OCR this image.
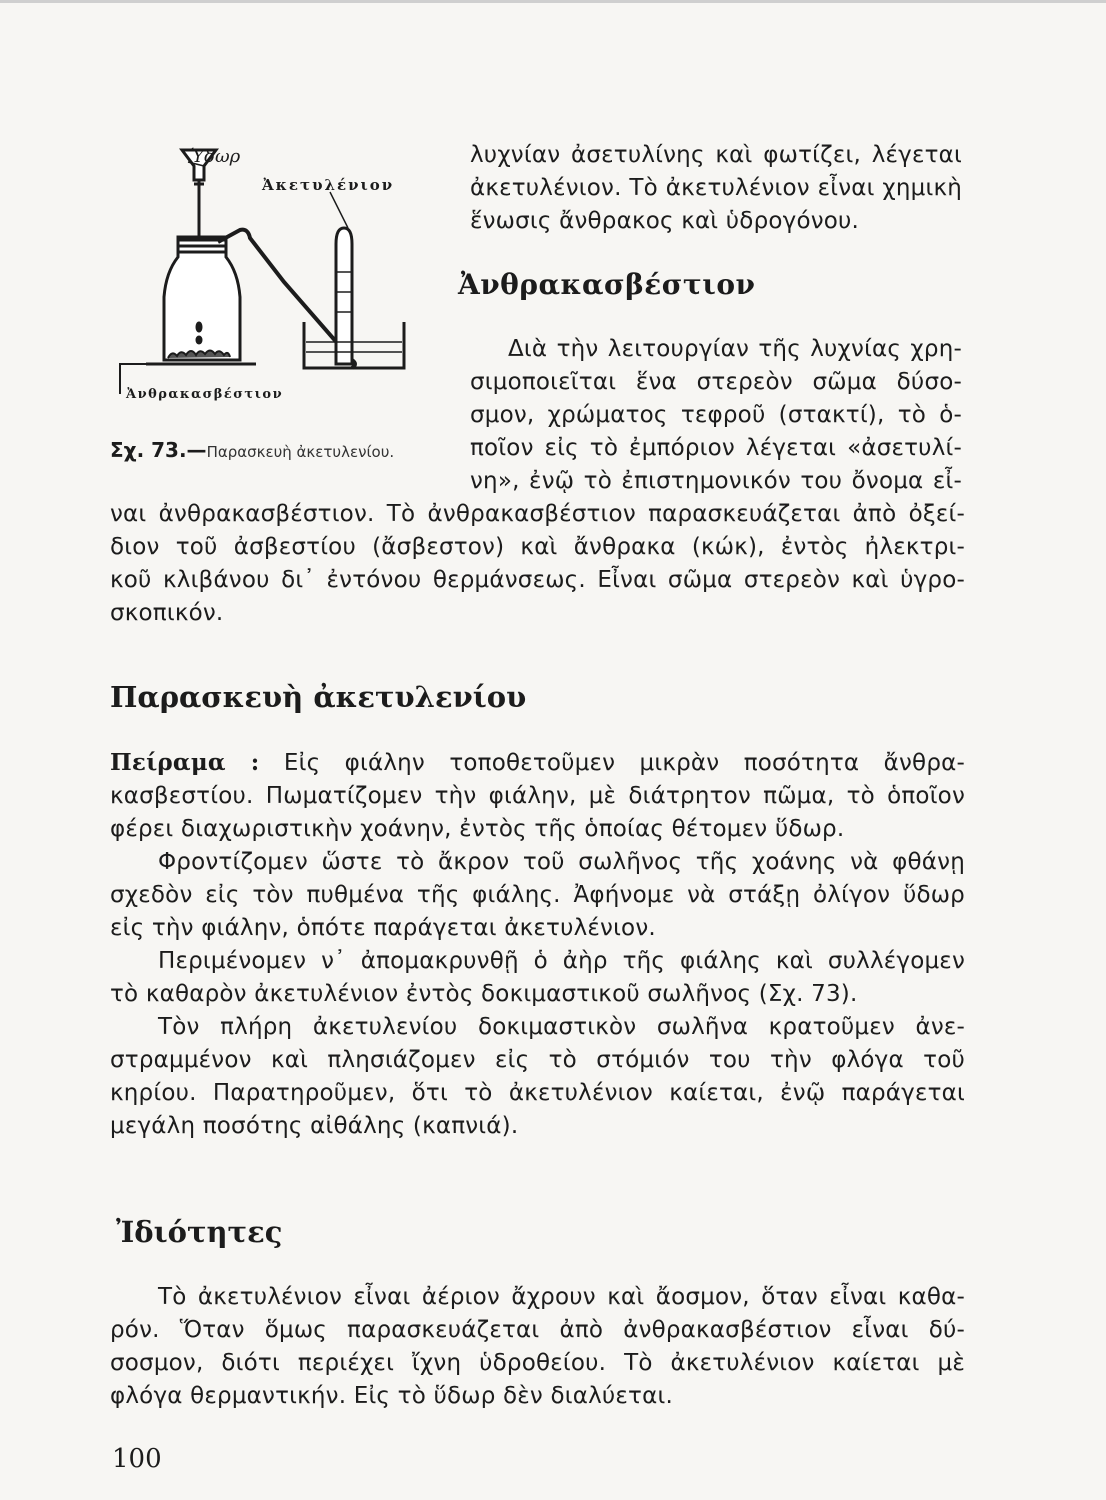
Ύδωρ
Ἀκετυλένιον
Ἀνθρακασβέστιον
Σχ. 73.—Παρασκευὴ ἀκετυλενίου.
λυχνίαν ἀσετυλίνης καὶ φωτίζει, λέγεται
ἀκετυλένιον. Τὸ ἀκετυλένιον εἶναι χημικὴ
ἕνωσις ἄνθρακος καὶ ὑδρογόνου.
Ἀνθρακασβέστιον
Διὰ τὴν λειτουργίαν τῆς λυχνίας χρη-
σιμοποιεῖται ἕνα στερεὸν σῶμα δύσο-
σμον, χρώματος τεφροῦ (στακτί), τὸ ὁ-
ποῖον εἰς τὸ ἐμπόριον λέγεται «ἀσετυλί-
νη», ἐνῷ τὸ ἐπιστημονικόν του ὄνομα εἶ-
ναι ἀνθρακασβέστιον. Τὸ ἀνθρακασβέστιον παρασκευάζεται ἀπὸ ὀξεί-
διον τοῦ ἀσβεστίου (ἄσβεστον) καὶ ἄνθρακα (κώκ), ἐντὸς ἠλεκτρι-
κοῦ κλιβάνου δι᾽ ἐντόνου θερμάνσεως. Εἶναι σῶμα στερεὸν καὶ ὑγρο-
σκοπικόν.
Παρασκευὴ ἀκετυλενίου
Πείραμα : Εἰς φιάλην τοποθετοῦμεν μικρὰν ποσότητα ἄνθρα-
κασβεστίου. Πωματίζομεν τὴν φιάλην, μὲ διάτρητον πῶμα, τὸ ὁποῖον
φέρει διαχωριστικὴν χοάνην, ἐντὸς τῆς ὁποίας θέτομεν ὕδωρ.
Φροντίζομεν ὥστε τὸ ἄκρον τοῦ σωλῆνος τῆς χοάνης νὰ φθάνῃ
σχεδὸν εἰς τὸν πυθμένα τῆς φιάλης. Ἀφήνομε νὰ στάξῃ ὀλίγον ὕδωρ
εἰς τὴν φιάλην, ὁπότε παράγεται ἀκετυλένιον.
Περιμένομεν ν᾽ ἀπομακρυνθῇ ὁ ἀὴρ τῆς φιάλης καὶ συλλέγομεν
τὸ καθαρὸν ἀκετυλένιον ἐντὸς δοκιμαστικοῦ σωλῆνος (Σχ. 73).
Τὸν πλήρη ἀκετυλενίου δοκιμαστικὸν σωλῆνα κρατοῦμεν ἀνε-
στραμμένον καὶ πλησιάζομεν εἰς τὸ στόμιόν του τὴν φλόγα τοῦ
κηρίου. Παρατηροῦμεν, ὅτι τὸ ἀκετυλένιον καίεται, ἐνῷ παράγεται
μεγάλη ποσότης αἰθάλης (καπνιά).
Ἰδιότητες
Τὸ ἀκετυλένιον εἶναι ἀέριον ἄχρουν καὶ ἄοσμον, ὅταν εἶναι καθα-
ρόν. Ὅταν ὅμως παρασκευάζεται ἀπὸ ἀνθρακασβέστιον εἶναι δύ-
σοσμον, διότι περιέχει ἴχνη ὑδροθείου. Τὸ ἀκετυλένιον καίεται μὲ
φλόγα θερμαντικήν. Εἰς τὸ ὕδωρ δὲν διαλύεται.
100
